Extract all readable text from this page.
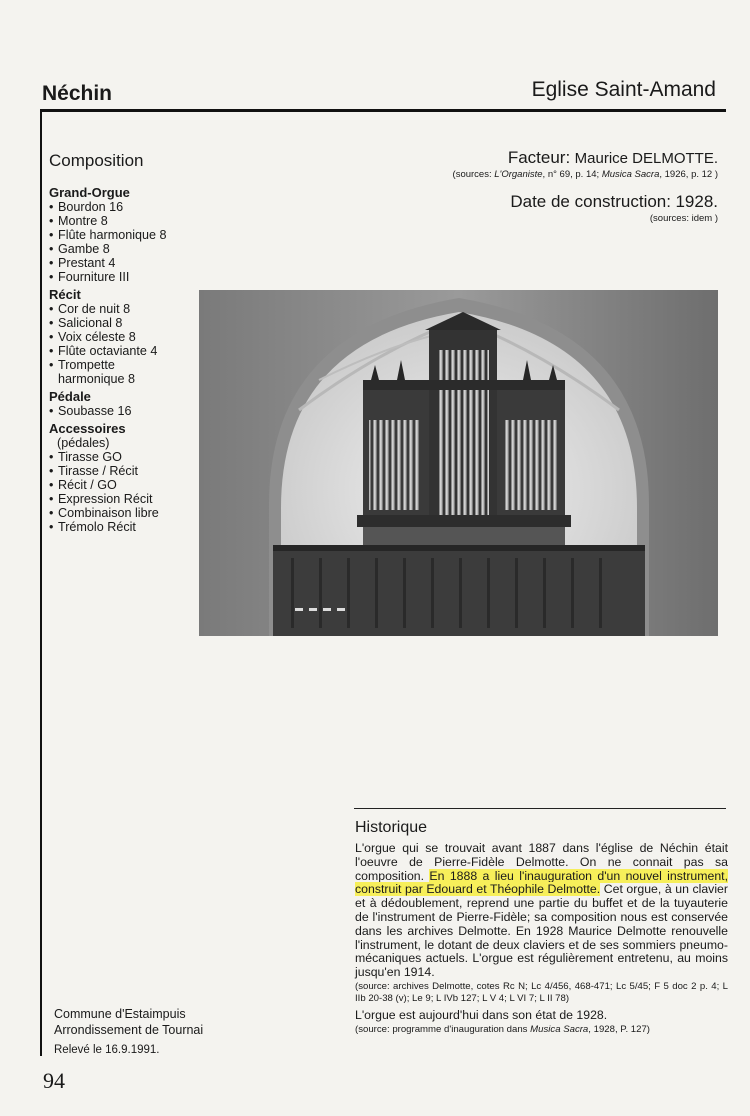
Néchin	Eglise Saint-Amand
Composition
Grand-Orgue
• Bourdon 16
• Montre 8
• Flûte harmonique 8
• Gambe 8
• Prestant 4
• Fourniture III
Récit
• Cor de nuit 8
• Salicional 8
• Voix céleste 8
• Flûte octaviante 4
• Trompette harmonique 8
Pédale
• Soubasse 16
Accessoires
(pédales)
• Tirasse GO
• Tirasse / Récit
• Récit / GO
• Expression Récit
• Combinaison libre
• Trémolo Récit
Facteur: Maurice DELMOTTE.
(sources: L'Organiste, n° 69, p. 14; Musica Sacra, 1926, p. 12 )
Date de construction: 1928.
(sources: idem )
Historique
L'orgue qui se trouvait avant 1887 dans l'église de Néchin était l'oeuvre de Pierre-Fidèle Delmotte. On ne connait pas sa composition. En 1888 a lieu l'inauguration d'un nouvel instrument, construit par Edouard et Théophile Delmotte. Cet orgue, à un clavier et à dédoublement, reprend une partie du buffet et de la tuyauterie de l'instrument de Pierre-Fidèle; sa composition nous est conservée dans les archives Delmotte. En 1928 Maurice Delmotte renouvelle l'instrument, le dotant de deux claviers et de ses sommiers pneumo-mécaniques actuels. L'orgue est régulièrement entretenu, au moins jusqu'en 1914.
(source: archives Delmotte, cotes Rc N; Lc 4/456, 468-471; Lc 5/45; F 5 doc 2 p. 4; L IIb 20-38 (v); Le 9; L IVb 127; L V 4; L VI 7; L II 78)
L'orgue est aujourd'hui dans son état de 1928.
(source: programme d'inauguration dans Musica Sacra, 1928, P. 127)
Commune d'Estaimpuis
Arrondissement de Tournai
Relevé le 16.9.1991.
94
